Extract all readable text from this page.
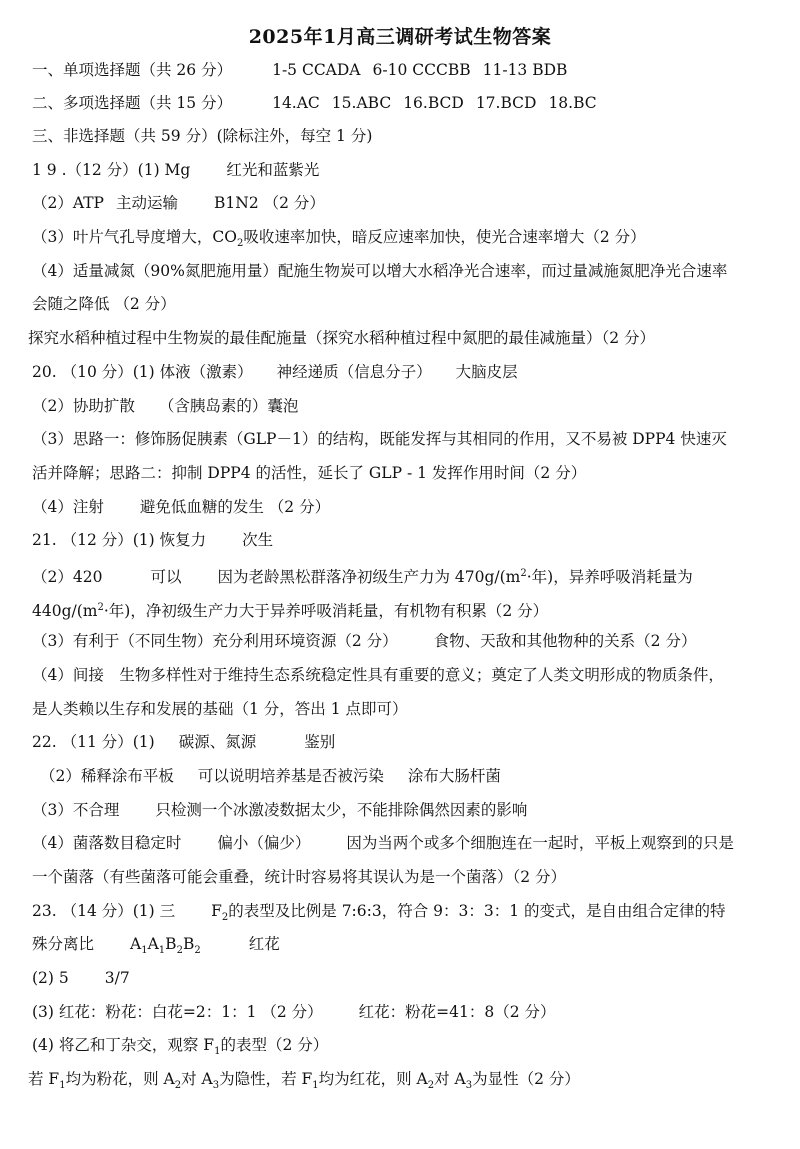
2025年1月高三调研考试生物答案
一、单项选择题（共 26 分）	1-5 CCADA 6-10 CCCBB 11-13 BDB
二、多项选择题（共 15 分）	14.AC 15.ABC 16.BCD 17.BCD 18.BC
三、非选择题（共 59 分）(除标注外，每空 1 分)
1 9 .（12 分）(1) Mg 红光和蓝紫光
（2）ATP 主动运输 B1N2 （2 分）
（3）叶片气孔导度增大，$CO_2$吸收速率加快，暗反应速率加快，使光合速率增大（2 分）
（4）适量减氮（90%氮肥施用量）配施生物炭可以增大水稻净光合速率，而过量减施氮肥净光合速率
会随之降低 （2 分）
探究水稻种植过程中生物炭的最佳配施量（探究水稻种植过程中氮肥的最佳减施量）（2 分）
20. （10 分）(1) 体液（激素） 神经递质（信息分子） 大脑皮层
（2）协助扩散 （含胰岛素的）囊泡
（3）思路一：修饰肠促胰素（GLP－1）的结构，既能发挥与其相同的作用，又不易被 DPP4 快速灭
活并降解；思路二：抑制 DPP4 的活性，延长了 GLP - 1 发挥作用时间（2 分）
（4）注射 避免低血糖的发生 （2 分）
21. （12 分）(1) 恢复力 次生
（2）420	可以 因为老龄黑松群落净初级生产力为 $470g/(m^2\cdot$年)，异养呼吸消耗量为
$440g/(m^2\cdot$年)，净初级生产力大于异养呼吸消耗量，有机物有积累（2 分）
（3）有利于（不同生物）充分利用环境资源（2 分） 食物、天敌和其他物种的关系（2 分）
（4）间接　生物多样性对于维持生态系统稳定性具有重要的意义；奠定了人类文明形成的物质条件，
是人类赖以生存和发展的基础（1 分，答出 1 点即可）
22. （11 分）(1) 碳源、氮源	鉴别
（2）稀释涂布平板 可以说明培养基是否被污染 涂布大肠杆菌
（3）不合理 只检测一个冰激凌数据太少，不能排除偶然因素的影响
（4）菌落数目稳定时 偏小（偏少） 因为当两个或多个细胞连在一起时，平板上观察到的只是
一个菌落（有些菌落可能会重叠，统计时容易将其误认为是一个菌落）（2 分）
23. （14 分）(1) 三 $F_2$的表型及比例是 7:6:3，符合 9：3：3：1 的变式，是自由组合定律的特
殊分离比 $A_1A_1B_2B_2$	红花
(2) 5 3/7
(3) 红花：粉花：白花=2：1：1 （2 分） 红花：粉花=41：8（2 分）
(4) 将乙和丁杂交，观察 $F_1$的表型（2 分）
若 $F_1$均为粉花，则 $A_2$对 $A_3$为隐性，若 $F_1$均为红花，则 $A_2$对 $A_3$为显性（2 分）
